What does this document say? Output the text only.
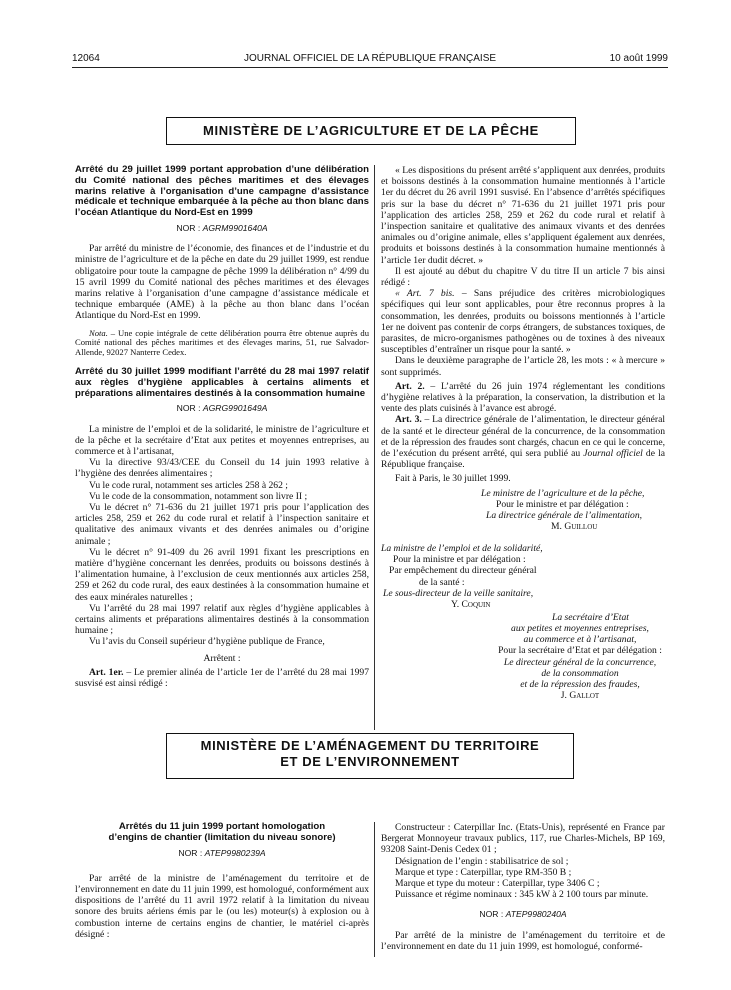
12064	JOURNAL OFFICIEL DE LA RÉPUBLIQUE FRANÇAISE	10 août 1999
MINISTÈRE DE L’AGRICULTURE ET DE LA PÊCHE
Arrêté du 29 juillet 1999 portant approbation d’une délibération du Comité national des pêches maritimes et des élevages marins relative à l’organisation d’une campagne d’assistance médicale et technique embarquée à la pêche au thon blanc dans l’océan Atlantique du Nord-Est en 1999
NOR : AGRM9901640A

Par arrêté du ministre de l’économie, des finances et de l’industrie et du ministre de l’agriculture et de la pêche en date du 29 juillet 1999, est rendue obligatoire pour toute la campagne de pêche 1999 la délibération n° 4/99 du 15 avril 1999 du Comité national des pêches maritimes et des élevages marins relative à l’organisation d’une campagne d’assistance médicale et technique embarquée (AME) à la pêche au thon blanc dans l’océan Atlantique du Nord-Est en 1999.

Nota. – Une copie intégrale de cette délibération pourra être obtenue auprès du Comité national des pêches maritimes et des élevages marins, 51, rue Salvador-Allende, 92027 Nanterre Cedex.

Arrêté du 30 juillet 1999 modifiant l’arrêté du 28 mai 1997 relatif aux règles d’hygiène applicables à certains aliments et préparations alimentaires destinés à la consommation humaine
NOR : AGRG9901649A

La ministre de l’emploi et de la solidarité, le ministre de l’agriculture et de la pêche et la secrétaire d’Etat aux petites et moyennes entreprises, au commerce et à l’artisanat,

Vu la directive 93/43/CEE du Conseil du 14 juin 1993 relative à l’hygiène des denrées alimentaires ;

Vu le code rural, notamment ses articles 258 à 262 ;

Vu le code de la consommation, notamment son livre II ;

Vu le décret n° 71-636 du 21 juillet 1971 pris pour l’application des articles 258, 259 et 262 du code rural et relatif à l’inspection sanitaire et qualitative des animaux vivants et des denrées animales ou d’origine animale ;

Vu le décret n° 91-409 du 26 avril 1991 fixant les prescriptions en matière d’hygiène concernant les denrées, produits ou boissons destinés à l’alimentation humaine, à l’exclusion de ceux mentionnés aux articles 258, 259 et 262 du code rural, des eaux destinées à la consommation humaine et des eaux minérales naturelles ;

Vu l’arrêté du 28 mai 1997 relatif aux règles d’hygiène applicables à certains aliments et préparations alimentaires destinés à la consommation humaine ;

Vu l’avis du Conseil supérieur d’hygiène publique de France,

Arrêtent :

Art. 1er. – Le premier alinéa de l’article 1er de l’arrêté du 28 mai 1997 susvisé est ainsi rédigé :

« Les dispositions du présent arrêté s’appliquent aux denrées, produits et boissons destinés à la consommation humaine mentionnés à l’article 1er du décret du 26 avril 1991 susvisé. En l’absence d’arrêtés spécifiques pris sur la base du décret n° 71-636 du 21 juillet 1971 pris pour l’application des articles 258, 259 et 262 du code rural et relatif à l’inspection sanitaire et qualitative des animaux vivants et des denrées animales ou d’origine animale, elles s’appliquent également aux denrées, produits et boissons destinés à la consommation humaine mentionnés à l’article 1er dudit décret. »

Il est ajouté au début du chapitre V du titre II un article 7 bis ainsi rédigé :

« Art. 7 bis. – Sans préjudice des critères microbiologiques spécifiques qui leur sont applicables, pour être reconnus propres à la consommation, les denrées, produits ou boissons mentionnés à l’article 1er ne doivent pas contenir de corps étrangers, de substances toxiques, de parasites, de micro-organismes pathogènes ou de toxines à des niveaux susceptibles d’entraîner un risque pour la santé. »

Dans le deuxième paragraphe de l’article 28, les mots : « à mercure » sont supprimés.

Art. 2. – L’arrêté du 26 juin 1974 réglementant les conditions d’hygiène relatives à la préparation, la conservation, la distribution et la vente des plats cuisinés à l’avance est abrogé.

Art. 3. – La directrice générale de l’alimentation, le directeur général de la santé et le directeur général de la concurrence, de la consommation et de la répression des fraudes sont chargés, chacun en ce qui le concerne, de l’exécution du présent arrêté, qui sera publié au Journal officiel de la République française.

Fait à Paris, le 30 juillet 1999.

Le ministre de l’agriculture et de la pêche,

Pour le ministre et par délégation :

La directrice générale de l’alimentation,

M. Guillou

La ministre de l’emploi et de la solidarité,

Pour la ministre et par délégation :

Par empêchement du directeur général

de la santé :

Le sous-directeur de la veille sanitaire,

Y. Coquin

La secrétaire d’Etat

aux petites et moyennes entreprises,

au commerce et à l’artisanat,

Pour la secrétaire d’Etat et par délégation :

Le directeur général de la concurrence,

de la consommation

et de la répression des fraudes,

J. Gallot

MINISTÈRE DE L’AMÉNAGEMENT DU TERRITOIRE
ET DE L’ENVIRONNEMENT
Arrêtés du 11 juin 1999 portant homologation
d’engins de chantier (limitation du niveau sonore)
NOR : ATEP9980239A

Par arrêté de la ministre de l’aménagement du territoire et de l’environnement en date du 11 juin 1999, est homologué, conformément aux dispositions de l’arrêté du 11 avril 1972 relatif à la limitation du niveau sonore des bruits aériens émis par le (ou les) moteur(s) à explosion ou à combustion interne de certains engins de chantier, le matériel ci-après désigné :

Constructeur : Caterpillar Inc. (Etats-Unis), représenté en France par Bergerat Monnoyeur travaux publics, 117, rue Charles-Michels, BP 169, 93208 Saint-Denis Cedex 01 ;

Désignation de l’engin : stabilisatrice de sol ;

Marque et type : Caterpillar, type RM-350 B ;

Marque et type du moteur : Caterpillar, type 3406 C ;

Puissance et régime nominaux : 345 kW à 2 100 tours par minute.

NOR : ATEP9980240A

Par arrêté de la ministre de l’aménagement du territoire et de l’environnement en date du 11 juin 1999, est homologué, conformé-
